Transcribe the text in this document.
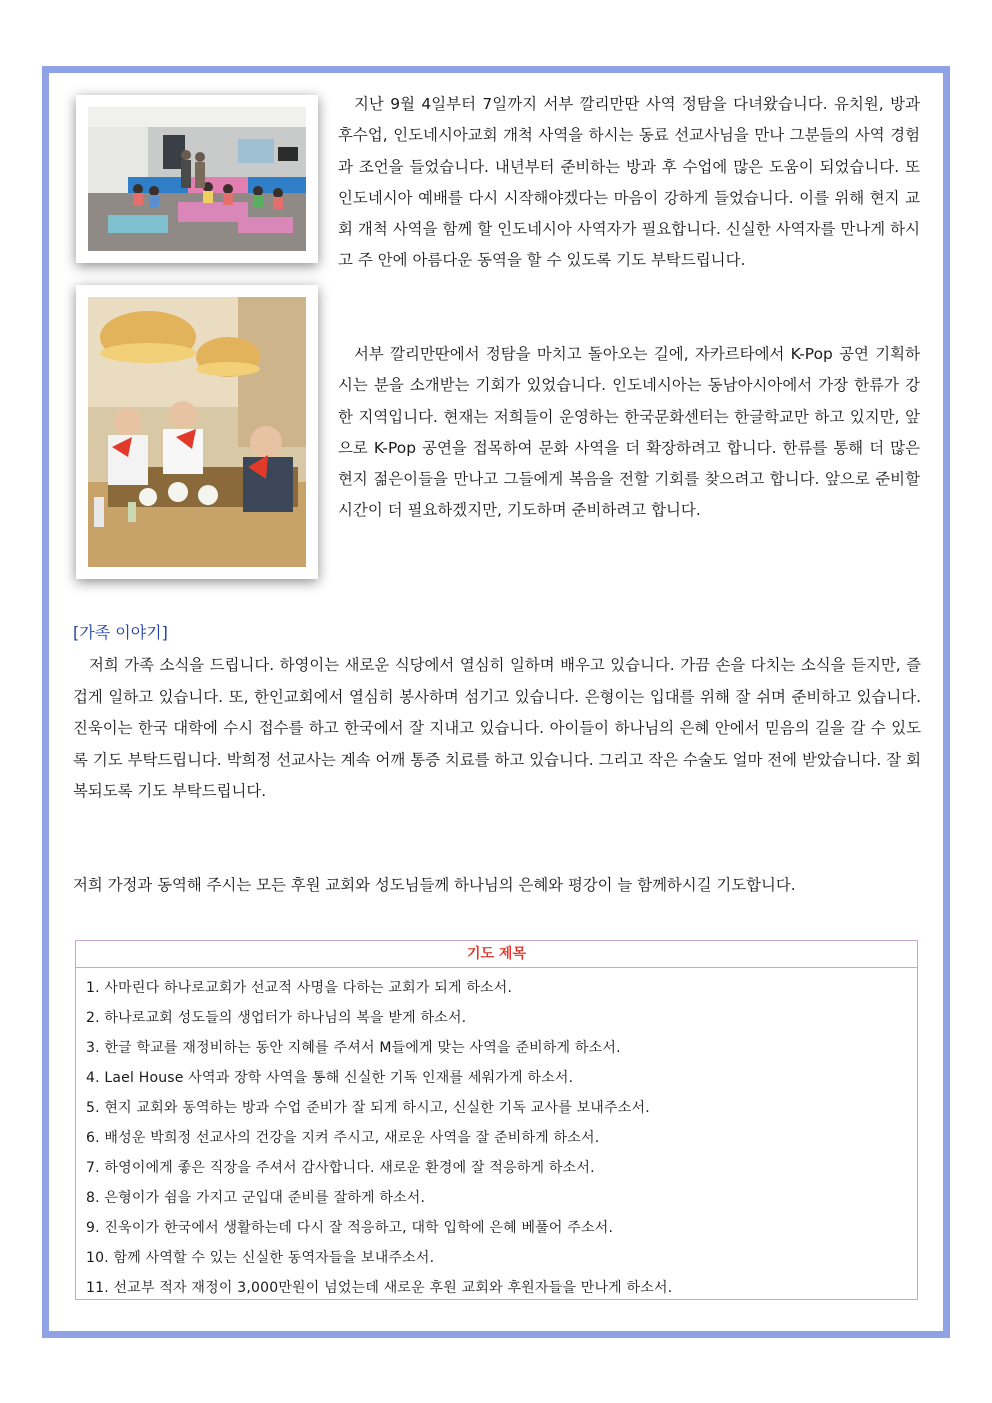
지난 9월 4일부터 7일까지 서부 깔리만딴 사역 정탐을 다녀왔습니다. 유치원, 방과후수업, 인도네시아교회 개척 사역을 하시는 동료 선교사님을 만나 그분들의 사역 경험과 조언을 들었습니다. 내년부터 준비하는 방과 후 수업에 많은 도움이 되었습니다. 또 인도네시아 예배를 다시 시작해야겠다는 마음이 강하게 들었습니다. 이를 위해 현지 교회 개척 사역을 함께 할 인도네시아 사역자가 필요합니다. 신실한 사역자를 만나게 하시고 주 안에 아름다운 동역을 할 수 있도록 기도 부탁드립니다.

서부 깔리만딴에서 정탐을 마치고 돌아오는 길에, 자카르타에서 K-Pop 공연 기획하시는 분을 소개받는 기회가 있었습니다. 인도네시아는 동남아시아에서 가장 한류가 강한 지역입니다. 현재는 저희들이 운영하는 한국문화센터는 한글학교만 하고 있지만, 앞으로 K-Pop 공연을 접목하여 문화 사역을 더 확장하려고 합니다. 한류를 통해 더 많은 현지 젊은이들을 만나고 그들에게 복음을 전할 기회를 찾으려고 합니다. 앞으로 준비할 시간이 더 필요하겠지만, 기도하며 준비하려고 합니다.

[가족 이야기]

저희 가족 소식을 드립니다. 하영이는 새로운 식당에서 열심히 일하며 배우고 있습니다. 가끔 손을 다치는 소식을 듣지만, 즐겁게 일하고 있습니다. 또, 한인교회에서 열심히 봉사하며 섬기고 있습니다. 은형이는 입대를 위해 잘 쉬며 준비하고 있습니다. 진욱이는 한국 대학에 수시 접수를 하고 한국에서 잘 지내고 있습니다. 아이들이 하나님의 은혜 안에서 믿음의 길을 갈 수 있도록 기도 부탁드립니다. 박희정 선교사는 계속 어깨 통증 치료를 하고 있습니다. 그리고 작은 수술도 얼마 전에 받았습니다. 잘 회복되도록 기도 부탁드립니다.

저희 가정과 동역해 주시는 모든 후원 교회와 성도님들께 하나님의 은혜와 평강이 늘 함께하시길 기도합니다.

기도 제목
1. 사마린다 하나로교회가 선교적 사명을 다하는 교회가 되게 하소서.
2. 하나로교회 성도들의 생업터가 하나님의 복을 받게 하소서.
3. 한글 학교를 재정비하는 동안 지혜를 주셔서 M들에게 맞는 사역을 준비하게 하소서.
4. Lael House 사역과 장학 사역을 통해 신실한 기독 인재를 세워가게 하소서.
5. 현지 교회와 동역하는 방과 수업 준비가 잘 되게 하시고, 신실한 기독 교사를 보내주소서.
6. 배성운 박희정 선교사의 건강을 지켜 주시고, 새로운 사역을 잘 준비하게 하소서.
7. 하영이에게 좋은 직장을 주셔서 감사합니다. 새로운 환경에 잘 적응하게 하소서.
8. 은형이가 쉼을 가지고 군입대 준비를 잘하게 하소서.
9. 진욱이가 한국에서 생활하는데 다시 잘 적응하고, 대학 입학에 은혜 베풀어 주소서.
10. 함께 사역할 수 있는 신실한 동역자들을 보내주소서.
11. 선교부 적자 재정이 3,000만원이 넘었는데 새로운 후원 교회와 후원자들을 만나게 하소서.
